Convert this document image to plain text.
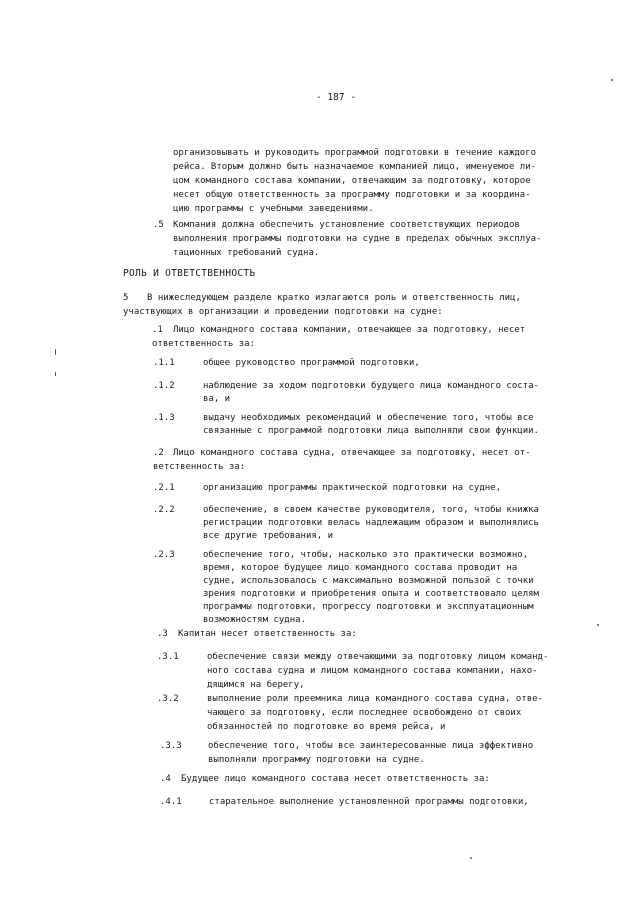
- 187 -
организовывать и руководить программой подготовки в течение каждого
рейса. Вторым должно быть назначаемое компанией лицо, именуемое ли-
цом командного состава компании, отвечающим за подготовку, которое
несет общую ответственность за программу подготовки и за координа-
цию программы с учебными заведениями.
.5 Компания должна обеспечить установление соответствующих периодов
выполнения программы подготовки на судне в пределах обычных эксплуа-
тационных требований судна.
РОЛЬ И ОТВЕТСТВЕННОСТЬ
5 В нижеследующем разделе кратко излагаются роль и ответственность лиц,
участвующих в организации и проведении подготовки на судне:
.1 Лицо командного состава компании, отвечающее за подготовку, несет
ответственность за:
.1.1	общее руководство программой подготовки,
.1.2	наблюдение за ходом подготовки будущего лица командного соста-
ва, и
.1.3	выдачу необходимых рекомендаций и обеспечение того, чтобы все
связанные с программой подготовки лица выполняли свои функции.
.2 Лицо командного состава судна, отвечающее за подготовку, несет от-
ветственность за:
.2.1	организацию программы практической подготовки на судне,
.2.2	обеспечение, в своем качестве руководителя, того, чтобы книжка
регистрации подготовки велась надлежащим образом и выполнялись
все другие требования, и
.2.3	обеспечение того, чтобы, насколько это практически возможно,
время, которое будущее лицо командного состава проводит на
судне, использовалось с максимально возможной пользой с точки
зрения подготовки и приобретения опыта и соответствовало целям
программы подготовки, прогрессу подготовки и эксплуатационным
возможностям судна.
.3 Капитан несет ответственность за:
.3.1	обеспечение связи между отвечающими за подготовку лицом команд-
ного состава судна и лицом командного состава компании, нахо-
дящимся на берегу,
.3.2	выполнение роли преемника лица командного состава судна, отве-
чающего за подготовку, если последнее освобождено от своих
обязанностей по подготовке во время рейса, и
.3.3	обеспечение того, чтобы все заинтересованные лица эффективно
выполняли программу подготовки на судне.
.4 Будущее лицо командного состава несет ответственность за:
.4.1	старательное выполнение установленной программы подготовки,
